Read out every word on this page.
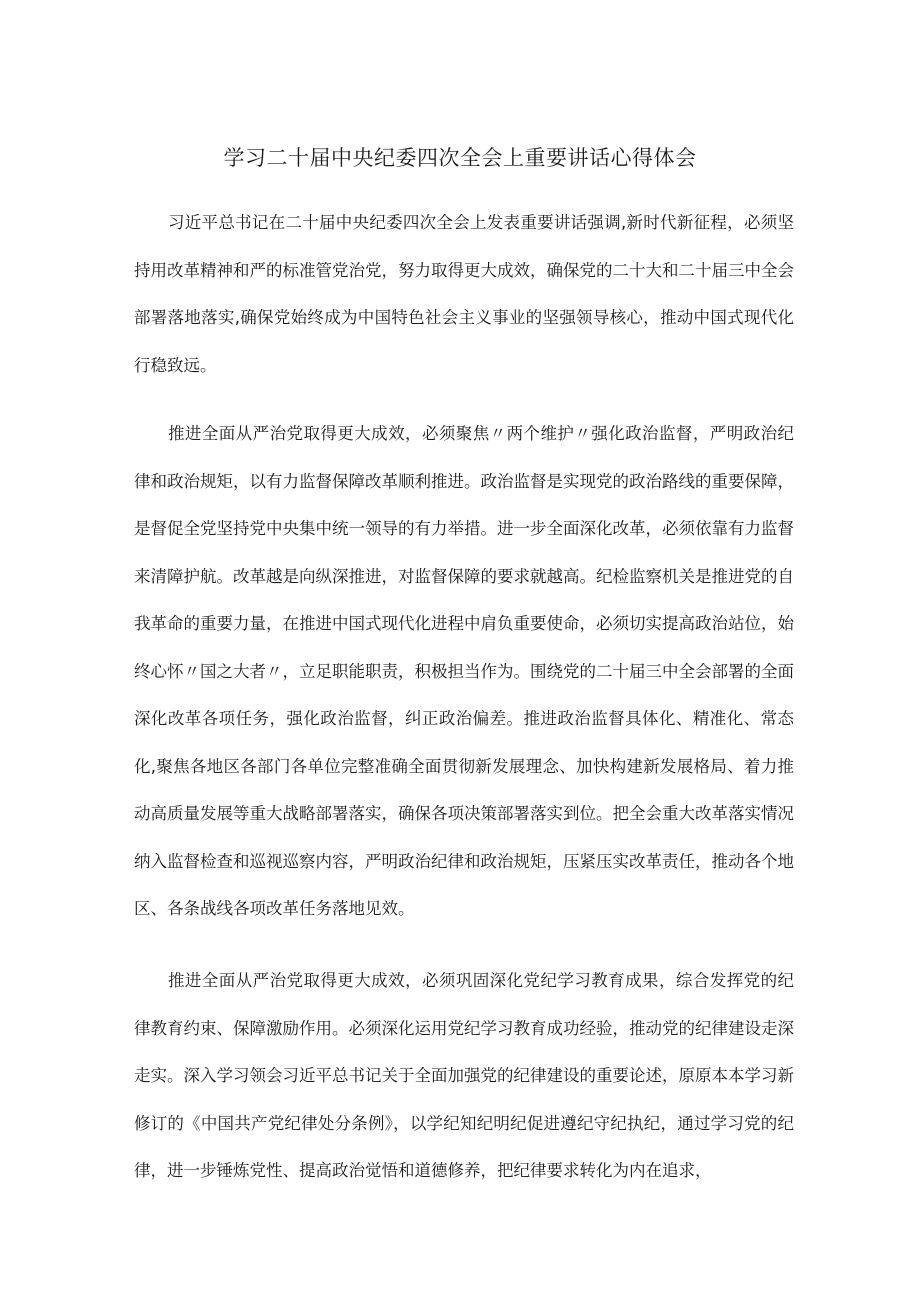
学习二十届中央纪委四次全会上重要讲话心得体会

习近平总书记在二十届中央纪委四次全会上发表重要讲话强调,新时代新征程，必须坚持用改革精神和严的标准管党治党，努力取得更大成效，确保党的二十大和二十届三中全会部署落地落实,确保党始终成为中国特色社会主义事业的坚强领导核心，推动中国式现代化行稳致远。

推进全面从严治党取得更大成效，必须聚焦〃两个维护〃强化政治监督，严明政治纪律和政治规矩，以有力监督保障改革顺利推进。政治监督是实现党的政治路线的重要保障，是督促全党坚持党中央集中统一领导的有力举措。进一步全面深化改革，必须依靠有力监督来清障护航。改革越是向纵深推进，对监督保障的要求就越高。纪检监察机关是推进党的自我革命的重要力量，在推进中国式现代化进程中肩负重要使命，必须切实提高政治站位，始终心怀〃国之大者〃，立足职能职责，积极担当作为。围绕党的二十届三中全会部署的全面深化改革各项任务，强化政治监督，纠正政治偏差。推进政治监督具体化、精准化、常态化,聚焦各地区各部门各单位完整准确全面贯彻新发展理念、加快构建新发展格局、着力推动高质量发展等重大战略部署落实，确保各项决策部署落实到位。把全会重大改革落实情况纳入监督检查和巡视巡察内容，严明政治纪律和政治规矩，压紧压实改革责任，推动各个地区、各条战线各项改革任务落地见效。

推进全面从严治党取得更大成效，必须巩固深化党纪学习教育成果，综合发挥党的纪律教育约束、保障激励作用。必须深化运用党纪学习教育成功经验，推动党的纪律建设走深走实。深入学习领会习近平总书记关于全面加强党的纪律建设的重要论述，原原本本学习新修订的《中国共产党纪律处分条例》，以学纪知纪明纪促进遵纪守纪执纪，通过学习党的纪律，进一步锤炼党性、提高政治觉悟和道德修养，把纪律要求转化为内在追求，
